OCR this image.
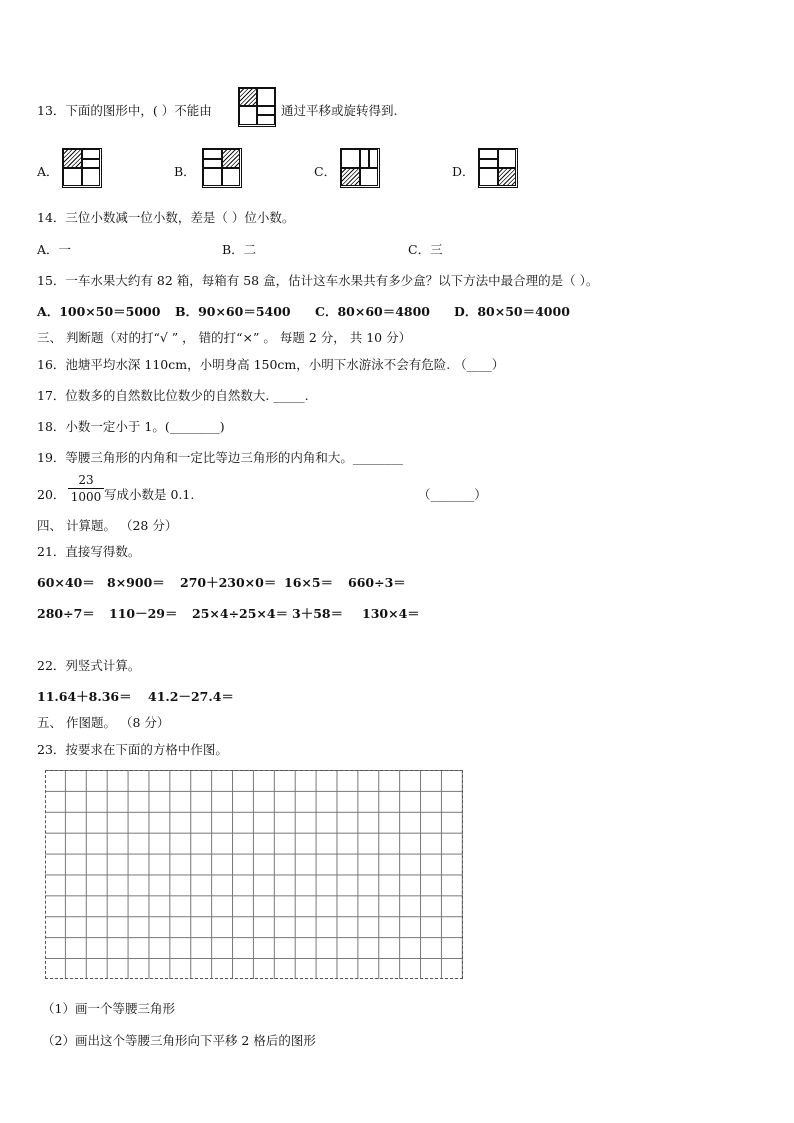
13．下面的图形中，( ）不能由	通过平移或旋转得到.
A．	B．	C．	D．
14．三位小数减一位小数，差是（ ）位小数。
A．一	B．二	C．三
15．一车水果大约有 82 箱，每箱有 58 盒，估计这车水果共有多少盒？以下方法中最合理的是（ ）。
A．100×50＝5000 B．90×60＝5400 C．80×60＝4800 D．80×50＝4000
三、 判断题（对的打“√ ” ， 错的打“×” 。 每题 2 分， 共 10 分）
16．池塘平均水深 110cm，小明身高 150cm，小明下水游泳不会有危险. （____）
17．位数多的自然数比位数少的自然数大. _____.
18．小数一定小于 1。(________)
19．等腰三角形的内角和一定比等边三角形的内角和大。________
20．
23
1000 写成小数是 0.1.	（_______）
四、 计算题。 （28 分）
21．直接写得数。
60×40＝ 8×900＝ 270＋230×0＝ 16×5＝ 660÷3＝
280÷7＝ 110－29＝ 25×4÷25×4＝ 3＋58＝ 130×4＝
22．列竖式计算。
11.64＋8.36＝ 41.2－27.4＝
五、 作图题。 （8 分）
23．按要求在下面的方格中作图。
（1）画一个等腰三角形
（2）画出这个等腰三角形向下平移 2 格后的图形
